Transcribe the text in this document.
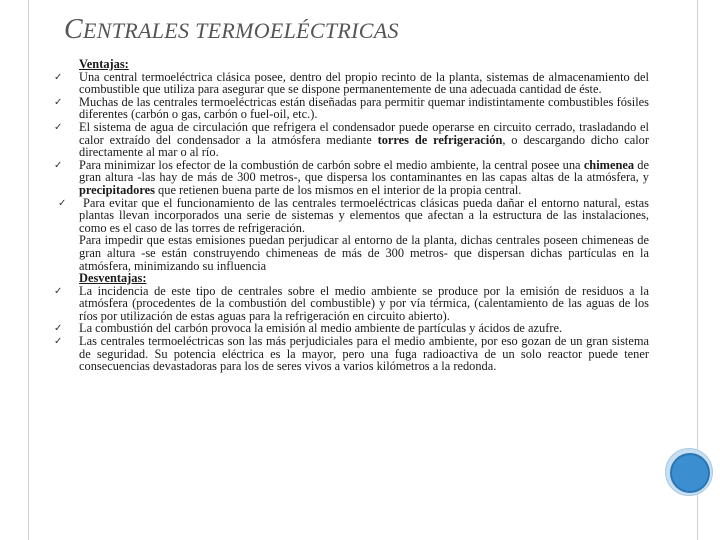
CENTRALES TERMOELÉCTRICAS
Ventajas:
✓ Una central termoeléctrica clásica posee, dentro del propio recinto de la planta, sistemas de almacenamiento del combustible que utiliza para asegurar que se dispone permanentemente de una adecuada cantidad de éste.
✓ Muchas de las centrales termoeléctricas están diseñadas para permitir quemar indistintamente combustibles fósiles diferentes (carbón o gas, carbón o fuel-oil, etc.).
✓ El sistema de agua de circulación que refrigera el condensador puede operarse en circuito cerrado, trasladando el calor extraído del condensador a la atmósfera mediante torres de refrigeración, o descargando dicho calor directamente al mar o al río.
✓ Para minimizar los efector de la combustión de carbón sobre el medio ambiente, la central posee una chimenea de gran altura -las hay de más de 300 metros-, que dispersa los contaminantes en las capas altas de la atmósfera, y precipitadores que retienen buena parte de los mismos en el interior de la propia central.
✓ Para evitar que el funcionamiento de las centrales termoeléctricas clásicas pueda dañar el entorno natural, estas plantas llevan incorporados una serie de sistemas y elementos que afectan a la estructura de las instalaciones, como es el caso de las torres de refrigeración.
Para impedir que estas emisiones puedan perjudicar al entorno de la planta, dichas centrales poseen chimeneas de gran altura -se están construyendo chimeneas de más de 300 metros- que dispersan dichas partículas en la atmósfera, minimizando su influencia
Desventajas:
✓ La incidencia de este tipo de centrales sobre el medio ambiente se produce por la emisión de residuos a la atmósfera (procedentes de la combustión del combustible) y por vía térmica, (calentamiento de las aguas de los ríos por utilización de estas aguas para la refrigeración en circuito abierto).
✓ La combustión del carbón provoca la emisión al medio ambiente de partículas y ácidos de azufre.
✓ Las centrales termoeléctricas son las más perjudiciales para el medio ambiente, por eso gozan de un gran sistema de seguridad. Su potencia eléctrica es la mayor, pero una fuga radioactiva de un solo reactor puede tener consecuencias devastadoras para los de seres vivos a varios kilómetros a la redonda.
